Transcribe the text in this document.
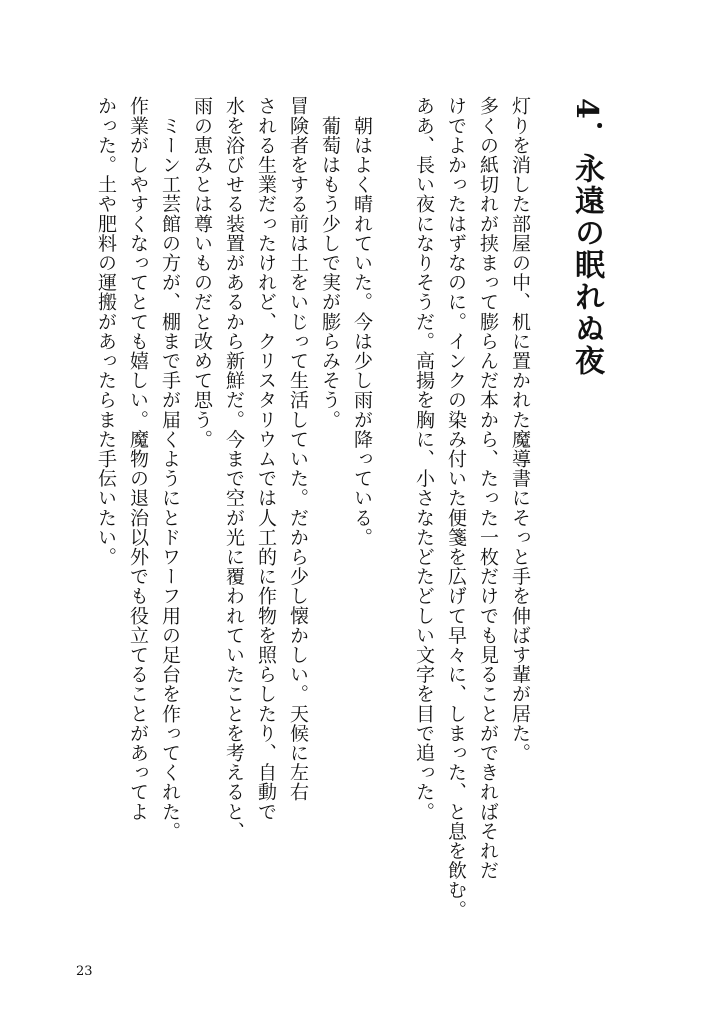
4．永遠の眠れぬ夜
灯りを消した部屋の中、机に置かれた魔導書にそっと手を伸ばす輩が居た。
多くの紙切れが挟まって膨らんだ本から、たった一枚だけでも見ることができればそれだ
けでよかったはずなのに。インクの染み付いた便箋を広げて早々に、しまった、と息を飲む。
ああ、長い夜になりそうだ。高揚を胸に、小さなたどたどしい文字を目で追った。
　朝はよく晴れていた。今は少し雨が降っている。
　葡萄はもう少しで実が膨らみそう。
冒険者をする前は土をいじって生活していた。だから少し懐かしい。天候に左右
される生業だったけれど、クリスタリウムでは人工的に作物を照らしたり、自動で
水を浴びせる装置があるから新鮮だ。今まで空が光に覆われていたことを考えると、
雨の恵みとは尊いものだと改めて思う。
　ミーン工芸館の方が、棚まで手が届くようにとドワーフ用の足台を作ってくれた。
作業がしやすくなってとても嬉しい。魔物の退治以外でも役立てることがあってよ
かった。土や肥料の運搬があったらまた手伝いたい。
23
